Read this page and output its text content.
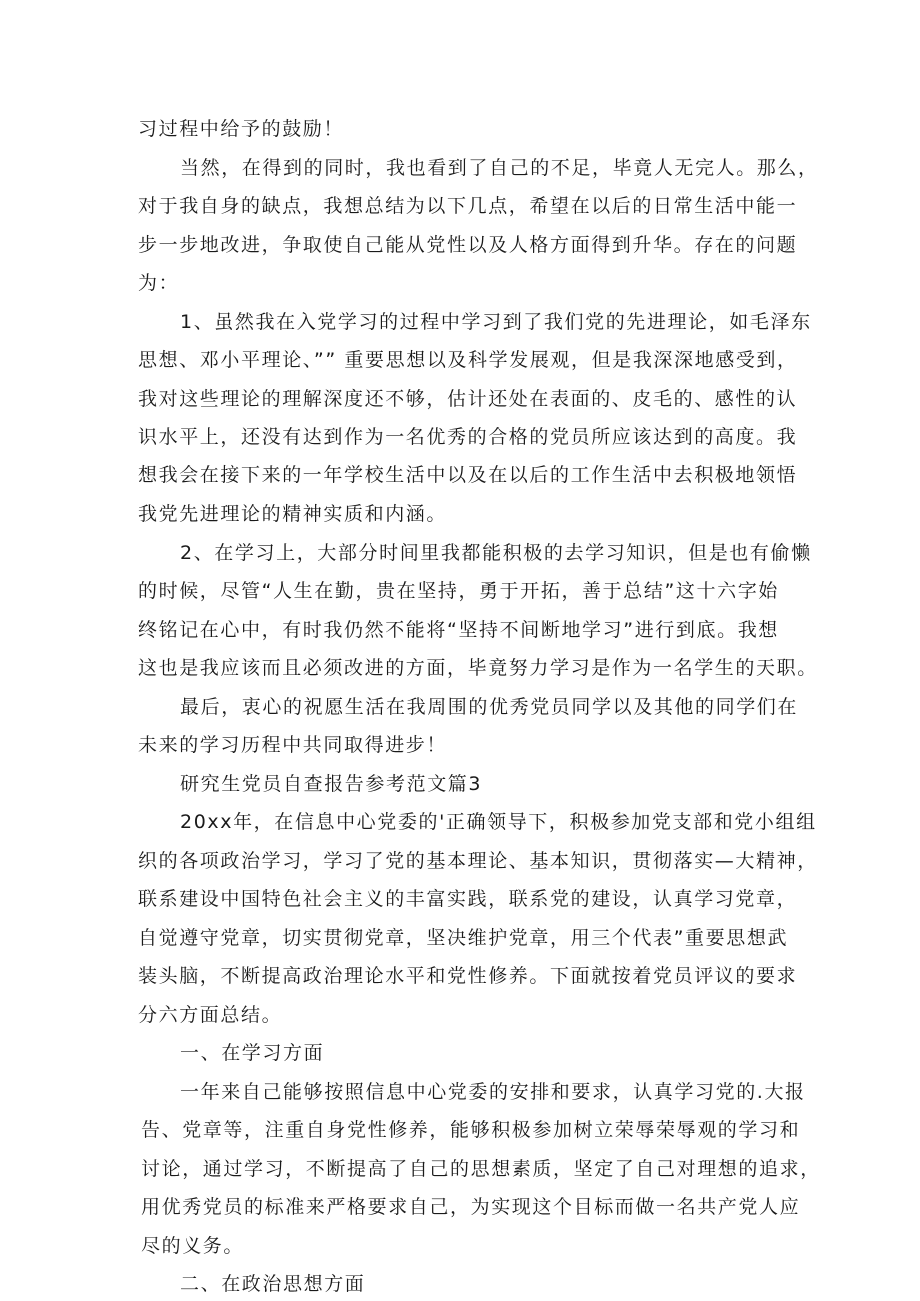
习过程中给予的鼓励！
当然，在得到的同时，我也看到了自己的不足，毕竟人无完人。那么，
对于我自身的缺点，我想总结为以下几点，希望在以后的日常生活中能一
步一步地改进，争取使自己能从党性以及人格方面得到升华。存在的问题
为：
1、虽然我在入党学习的过程中学习到了我们党的先进理论，如毛泽东
思想、邓小平理论、”” 重要思想以及科学发展观，但是我深深地感受到，
我对这些理论的理解深度还不够，估计还处在表面的、皮毛的、感性的认
识水平上，还没有达到作为一名优秀的合格的党员所应该达到的高度。我
想我会在接下来的一年学校生活中以及在以后的工作生活中去积极地领悟
我党先进理论的精神实质和内涵。
2、在学习上，大部分时间里我都能积极的去学习知识，但是也有偷懒
的时候，尽管“人生在勤，贵在坚持，勇于开拓，善于总结”这十六字始
终铭记在心中，有时我仍然不能将“坚持不间断地学习”进行到底。我想
这也是我应该而且必须改进的方面，毕竟努力学习是作为一名学生的天职。
最后，衷心的祝愿生活在我周围的优秀党员同学以及其他的同学们在
未来的学习历程中共同取得进步！
研究生党员自查报告参考范文篇3
20xx年，在信息中心党委的'正确领导下，积极参加党支部和党小组组
织的各项政治学习，学习了党的基本理论、基本知识，贯彻落实—大精神，
联系建设中国特色社会主义的丰富实践，联系党的建设，认真学习党章，
自觉遵守党章，切实贯彻党章，坚决维护党章，用三个代表”重要思想武
装头脑，不断提高政治理论水平和党性修养。下面就按着党员评议的要求
分六方面总结。
一、在学习方面
一年来自己能够按照信息中心党委的安排和要求，认真学习党的.大报
告、党章等，注重自身党性修养，能够积极参加树立荣辱荣辱观的学习和
讨论，通过学习，不断提高了自己的思想素质，坚定了自己对理想的追求，
用优秀党员的标准来严格要求自己，为实现这个目标而做一名共产党人应
尽的义务。
二、在政治思想方面
